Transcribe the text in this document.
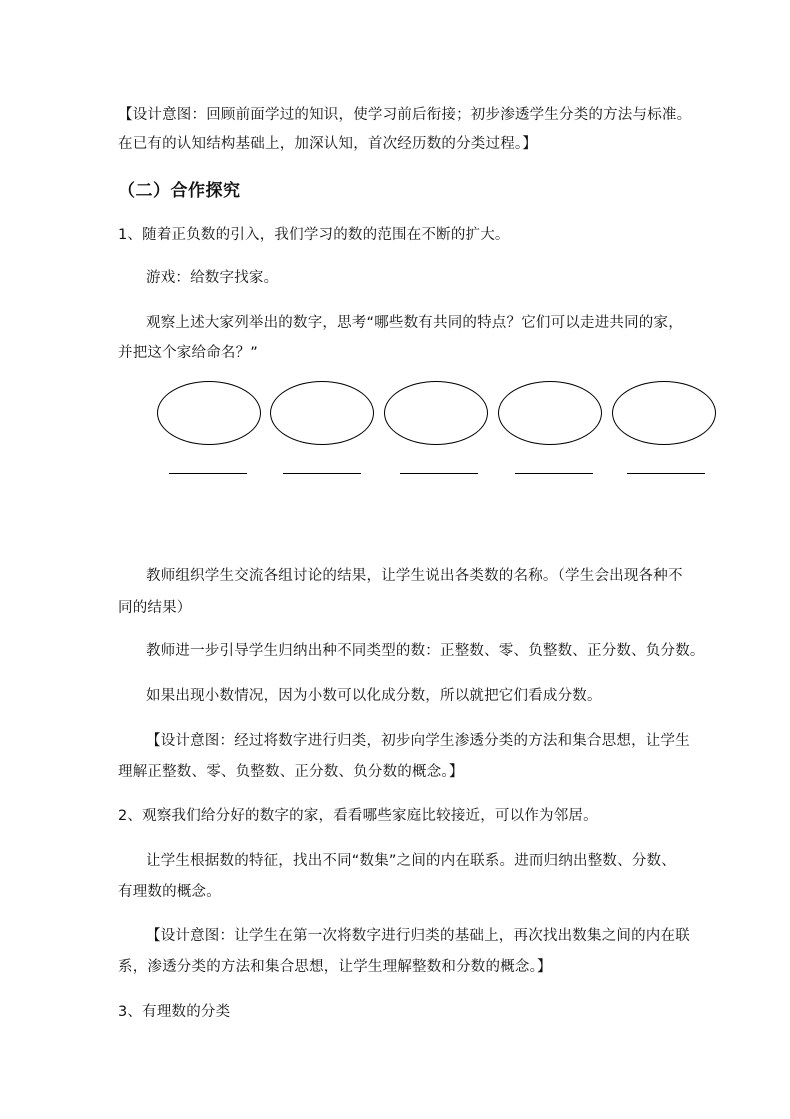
【设计意图：回顾前面学过的知识，使学习前后衔接；初步渗透学生分类的方法与标准。
在已有的认知结构基础上，加深认知，首次经历数的分类过程。】
（二）合作探究
1、随着正负数的引入，我们学习的数的范围在不断的扩大。
游戏：给数字找家。
观察上述大家列举出的数字，思考“哪些数有共同的特点？它们可以走进共同的家，
并把这个家给命名？”
教师组织学生交流各组讨论的结果，让学生说出各类数的名称。（学生会出现各种不
同的结果）
教师进一步引导学生归纳出种不同类型的数：正整数、零、负整数、正分数、负分数。
如果出现小数情况，因为小数可以化成分数，所以就把它们看成分数。
【设计意图：经过将数字进行归类，初步向学生渗透分类的方法和集合思想，让学生
理解正整数、零、负整数、正分数、负分数的概念。】
2、观察我们给分好的数字的家，看看哪些家庭比较接近，可以作为邻居。
让学生根据数的特征，找出不同“数集”之间的内在联系。进而归纳出整数、分数、
有理数的概念。
【设计意图：让学生在第一次将数字进行归类的基础上，再次找出数集之间的内在联
系，渗透分类的方法和集合思想，让学生理解整数和分数的概念。】
3、有理数的分类
